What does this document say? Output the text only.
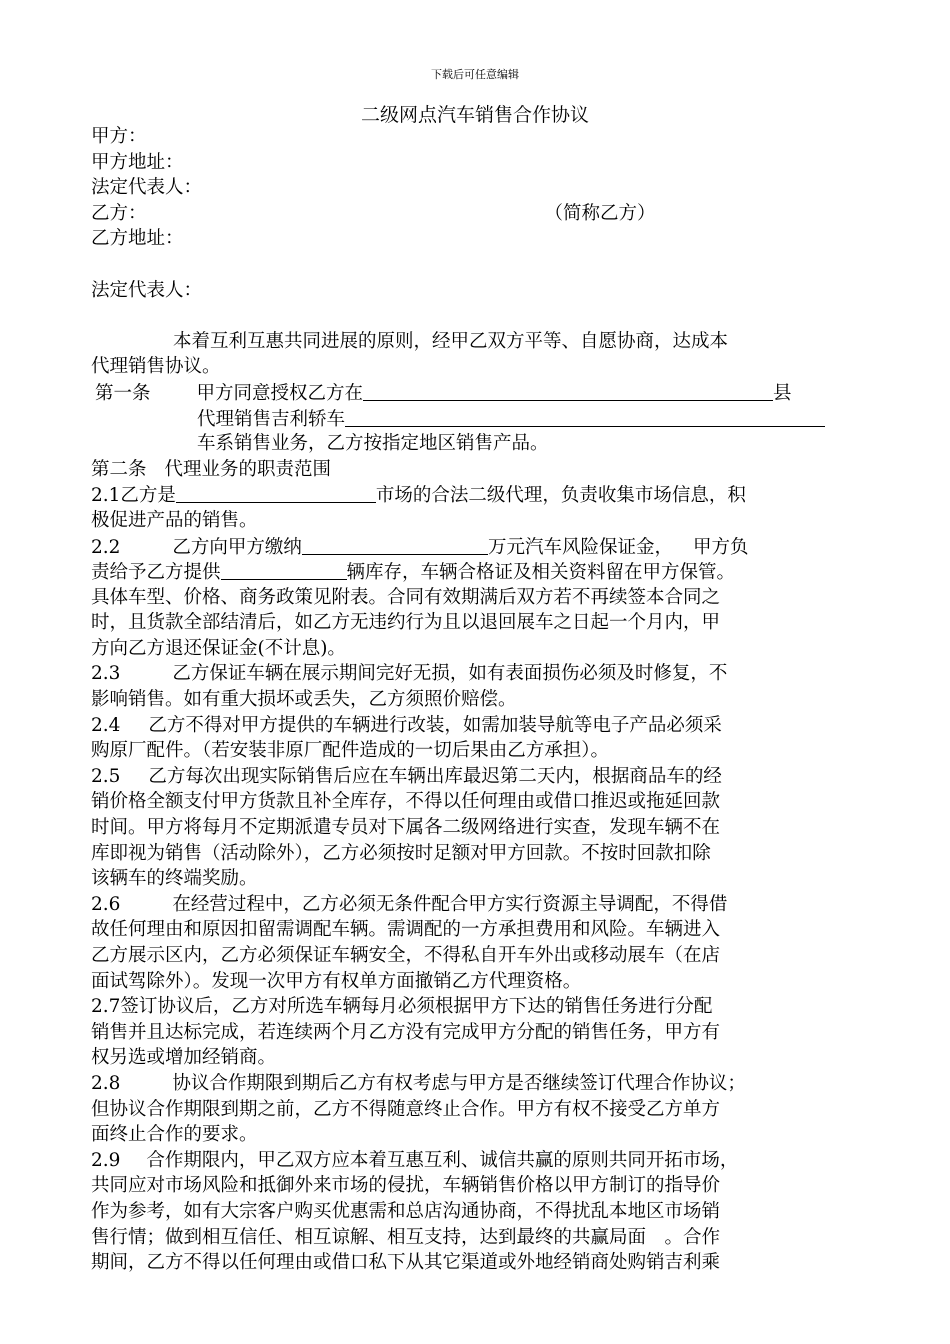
下载后可任意编辑
二级网点汽车销售合作协议
甲方：
甲方地址：
法定代表人：
乙方：	（简称乙方）
乙方地址：
法定代表人：
本着互利互惠共同进展的原则，经甲乙双方平等、自愿协商，达成本
代理销售协议。
第一条 甲方同意授权乙方在	县
代理销售吉利轿车
车系销售业务，乙方按指定地区销售产品。
第二条 代理业务的职责范围
2.1乙方是	市场的合法二级代理，负责收集市场信息，积
极促进产品的销售。
2.2	乙方向甲方缴纳	万元汽车风险保证金， 甲方负
责给予乙方提供	辆库存，车辆合格证及相关资料留在甲方保管。
具体车型、价格、商务政策见附表。合同有效期满后双方若不再续签本合同之
时，且货款全部结清后，如乙方无违约行为且以退回展车之日起一个月内，甲
方向乙方退还保证金(不计息)。
2.3	乙方保证车辆在展示期间完好无损，如有表面损伤必须及时修复，不
影响销售。如有重大损坏或丢失，乙方须照价赔偿。
2.4 乙方不得对甲方提供的车辆进行改装，如需加装导航等电子产品必须采
购原厂配件。（若安装非原厂配件造成的一切后果由乙方承担）。
2.5 乙方每次出现实际销售后应在车辆出库最迟第二天内，根据商品车的经
销价格全额支付甲方货款且补全库存，不得以任何理由或借口推迟或拖延回款
时间。甲方将每月不定期派遣专员对下属各二级网络进行实查，发现车辆不在
库即视为销售（活动除外），乙方必须按时足额对甲方回款。不按时回款扣除
该辆车的终端奖励。
2.6	在经营过程中，乙方必须无条件配合甲方实行资源主导调配，不得借
故任何理由和原因扣留需调配车辆。需调配的一方承担费用和风险。车辆进入
乙方展示区内，乙方必须保证车辆安全，不得私自开车外出或移动展车（在店
面试驾除外）。发现一次甲方有权单方面撤销乙方代理资格。
2.7签订协议后，乙方对所选车辆每月必须根据甲方下达的销售任务进行分配
销售并且达标完成，若连续两个月乙方没有完成甲方分配的销售任务，甲方有
权另选或增加经销商。
2.8	协议合作期限到期后乙方有权考虑与甲方是否继续签订代理合作协议；
但协议合作期限到期之前，乙方不得随意终止合作。甲方有权不接受乙方单方
面终止合作的要求。
2.9 合作期限内，甲乙双方应本着互惠互利、诚信共赢的原则共同开拓市场，
共同应对市场风险和抵御外来市场的侵扰，车辆销售价格以甲方制订的指导价
作为参考，如有大宗客户购买优惠需和总店沟通协商，不得扰乱本地区市场销
售行情；做到相互信任、相互谅解、相互支持，达到最终的共赢局面　。合作
期间，乙方不得以任何理由或借口私下从其它渠道或外地经销商处购销吉利乘
